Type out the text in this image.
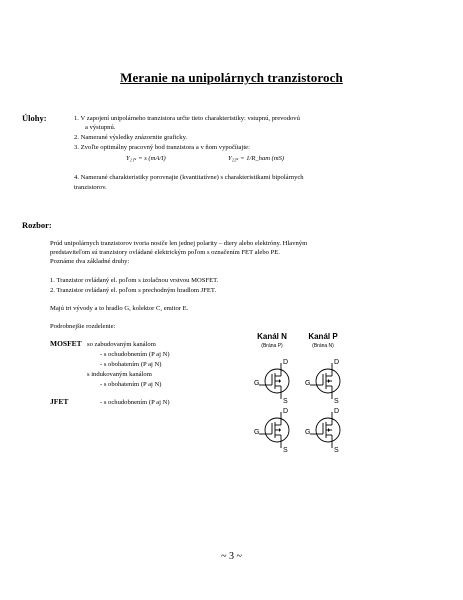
Meranie na unipolárnych tranzistoroch
Úlohy:	1. V zapojení unipolárneho tranzistora určte tieto charakteristiky: vstupnú, prevodovú
a výstupnú.
2. Namerané výsledky znázornite graficky.
3. Zvoľte optimálny pracovný bod tranzistora a v ňom vypočítajte:
Y₂₁ₛ = s (mA/I)	Y₂₂ₛ = 1/R_ham (mS)
4. Namerané charakteristiky porovnajte (kvantitatívne) s charakteristikami bipolárnych
tranzistorov.
Rozbor:
Prúd unipolárnych tranzistorov tvoria nosiče len jednej polarity – diery alebo elektróny. Hlavným
predstaviteľom sú tranzistory ovládané elektrickým poľom s označením FET alebo PE.
Poznáme dva základné druhy:
1. Tranzistor ovládaný el. poľom s izolačnou vrstvou MOSFET.
2. Tranzistor ovládaný el. poľom s prechodným hradlom JFET.
Majú tri vývody a to hradlo G, kolektor C, emitor E.
Podrobnejšie rozdelenie:
MOSFET so zabudovaným kanálom
- s ochudobnením (P aj N)
- s obohatením (P aj N)
s indukovaným kanálom
- s obohatením (P aj N)
JFET	- s ochudobnením (P aj N)
Kanál N
(Brána P)
Kanál P
(Brána N)
D
G
S
D
G
S
D
G
S
D
G
S
~ 3 ~
